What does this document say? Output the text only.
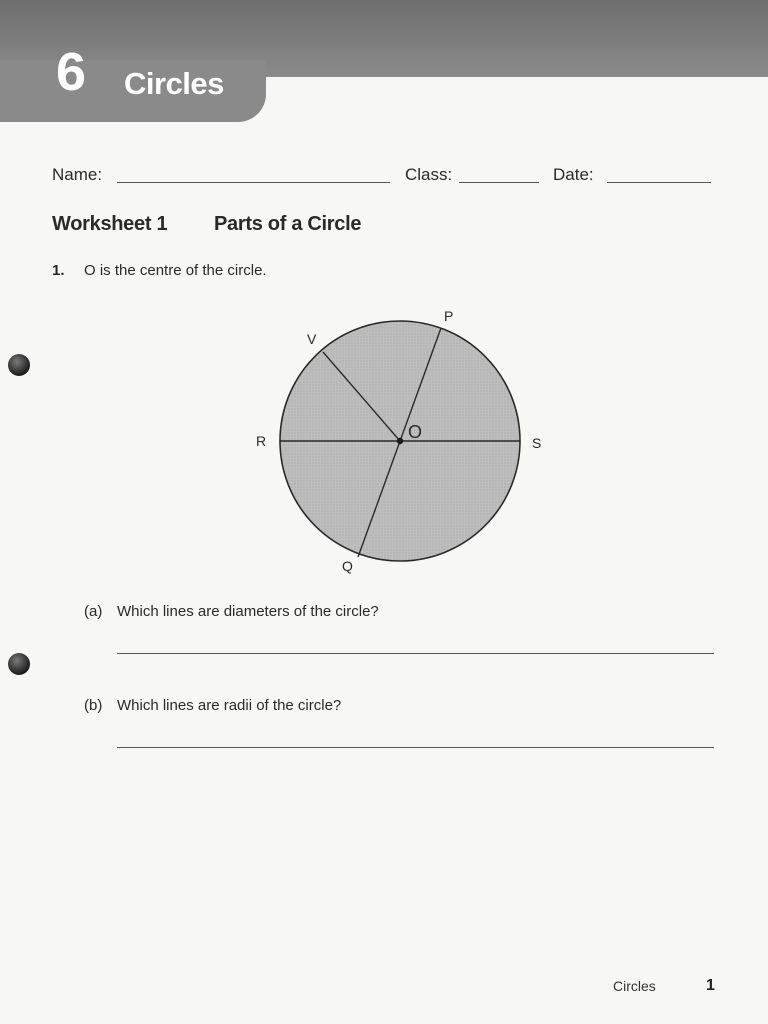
6 Circles
Name:	Class:	Date:
Worksheet 1 Parts of a Circle
1. O is the centre of the circle.
O
P
V
R	S
Q
(a) Which lines are diameters of the circle?
(b) Which lines are radii of the circle?
Circles	1
